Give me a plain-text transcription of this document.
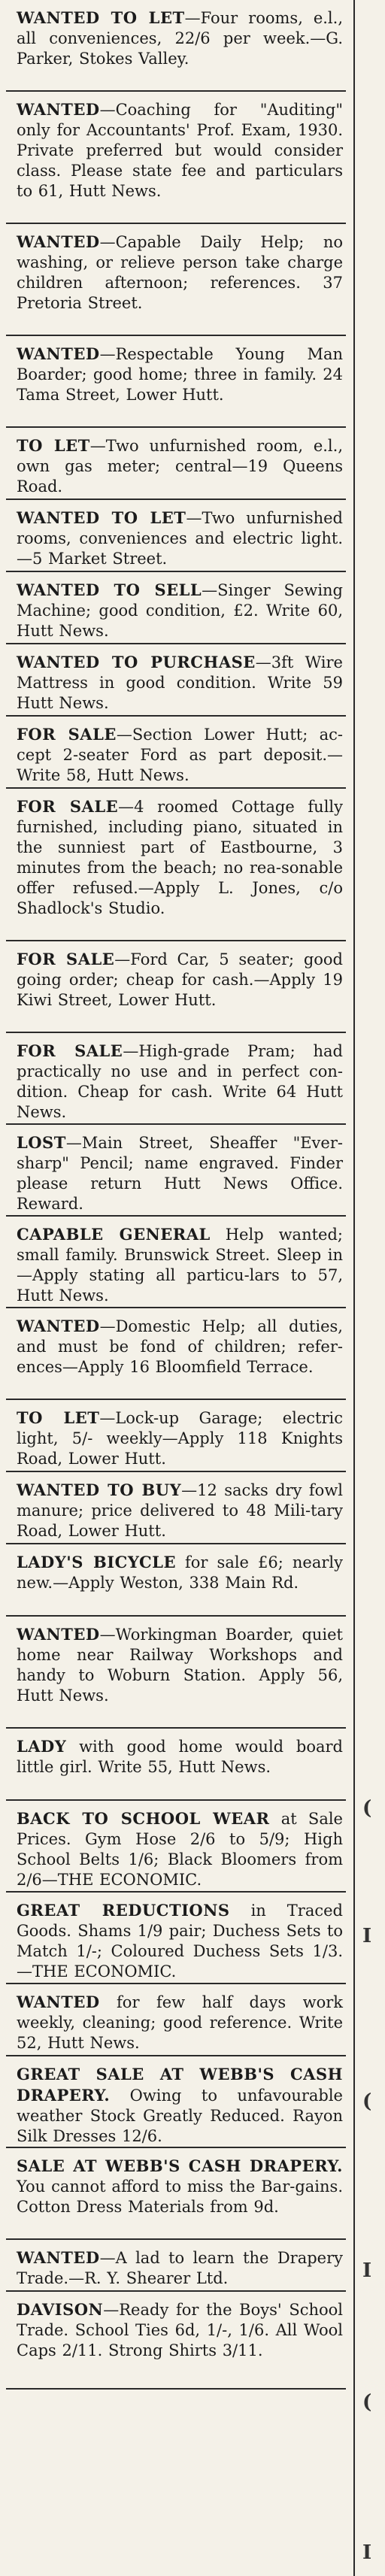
WANTED TO LET—Four rooms, e.l., all conveniences, 22/6 per week.—G. Parker, Stokes Valley.

WANTED—Coaching for "Auditing" only for Accountants' Prof. Exam, 1930. Private preferred but would consider class. Please state fee and particulars to 61, Hutt News.

WANTED—Capable Daily Help; no washing, or relieve person take charge children afternoon; references. 37 Pretoria Street.

WANTED—Respectable Young Man Boarder; good home; three in family. 24 Tama Street, Lower Hutt.

TO LET—Two unfurnished room, e.l., own gas meter; central—19 Queens Road.

WANTED TO LET—Two unfurnished rooms, conveniences and electric light.—5 Market Street.

WANTED TO SELL—Singer Sewing Machine; good condition, £2. Write 60, Hutt News.

WANTED TO PURCHASE—3ft Wire Mattress in good condition. Write 59 Hutt News.

FOR SALE—Section Lower Hutt; ac-cept 2-seater Ford as part deposit.—Write 58, Hutt News.

FOR SALE—4 roomed Cottage fully furnished, including piano, situated in the sunniest part of Eastbourne, 3 minutes from the beach; no rea-sonable offer refused.—Apply L. Jones, c/o Shadlock's Studio.

FOR SALE—Ford Car, 5 seater; good going order; cheap for cash.—Apply 19 Kiwi Street, Lower Hutt.

FOR SALE—High-grade Pram; had practically no use and in perfect con-dition. Cheap for cash. Write 64 Hutt News.

LOST—Main Street, Sheaffer "Ever-sharp" Pencil; name engraved. Finder please return Hutt News Office. Reward.

CAPABLE GENERAL Help wanted; small family. Brunswick Street. Sleep in—Apply stating all particu-lars to 57, Hutt News.

WANTED—Domestic Help; all duties, and must be fond of children; refer-ences—Apply 16 Bloomfield Terrace.

TO LET—Lock-up Garage; electric light, 5/- weekly—Apply 118 Knights Road, Lower Hutt.

WANTED TO BUY—12 sacks dry fowl manure; price delivered to 48 Mili-tary Road, Lower Hutt.

LADY'S BICYCLE for sale £6; nearly new.—Apply Weston, 338 Main Rd.

WANTED—Workingman Boarder, quiet home near Railway Workshops and handy to Woburn Station. Apply 56, Hutt News.

LADY with good home would board little girl. Write 55, Hutt News.

BACK TO SCHOOL WEAR at Sale Prices. Gym Hose 2/6 to 5/9; High School Belts 1/6; Black Bloomers from 2/6—THE ECONOMIC.

GREAT REDUCTIONS in Traced Goods. Shams 1/9 pair; Duchess Sets to Match 1/-; Coloured Duchess Sets 1/3.—THE ECONOMIC.

WANTED for few half days work weekly, cleaning; good reference. Write 52, Hutt News.

GREAT SALE AT WEBB'S CASH DRAPERY. Owing to unfavourable weather Stock Greatly Reduced. Rayon Silk Dresses 12/6.

SALE AT WEBB'S CASH DRAPERY. You cannot afford to miss the Bar-gains. Cotton Dress Materials from 9d.

WANTED—A lad to learn the Drapery Trade.—R. Y. Shearer Ltd.

DAVISON—Ready for the Boys' School Trade. School Ties 6d, 1/-, 1/6. All Wool Caps 2/11. Strong Shirts 3/11.

(
I
(
I
(
I
